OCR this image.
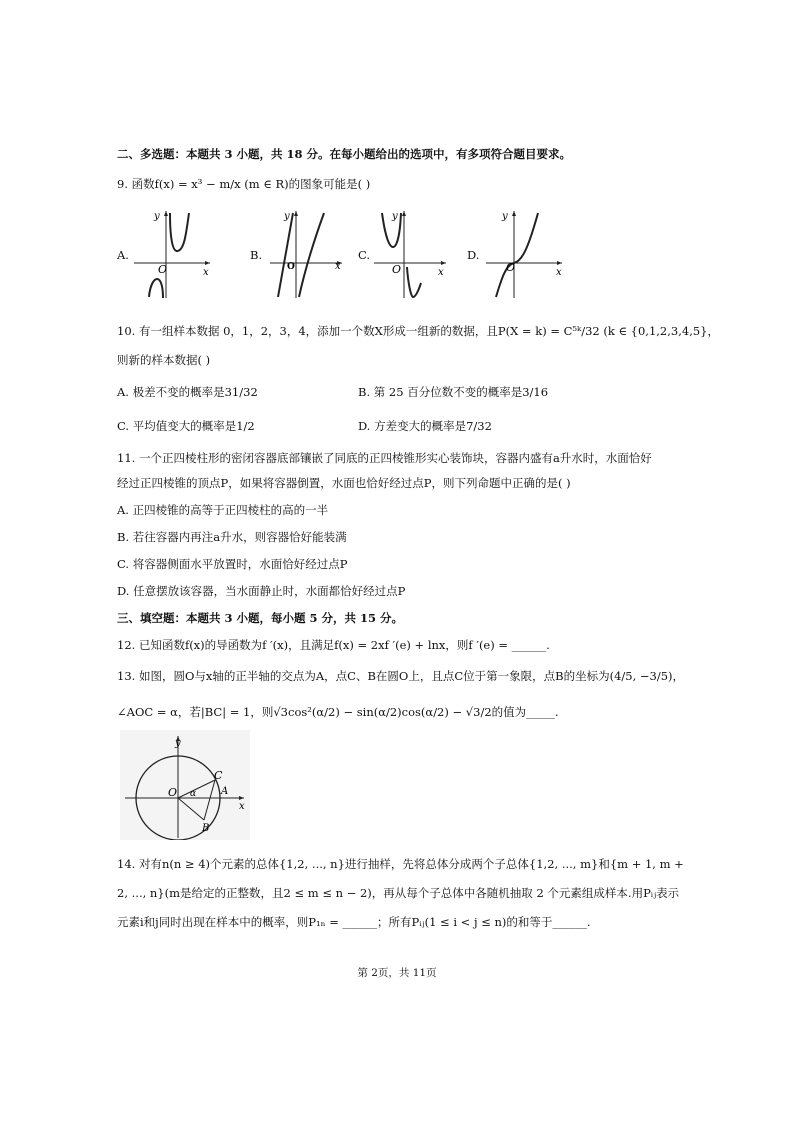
二、多选题：本题共 3 小题，共 18 分。在每小题给出的选项中，有多项符合题目要求。
9. 函数f(x) = x³ − m/x (m ∈ R)的图象可能是( )
A.	B.	C.	D.
O	x
y
O	x
y
O	x
y
O	x
y
10. 有一组样本数据 0，1，2，3，4，添加一个数X形成一组新的数据，且P(X = k) = C⁵ᵏ/32 (k ∈ {0,1,2,3,4,5}，
则新的样本数据( )
A. 极差不变的概率是31/32	B. 第 25 百分位数不变的概率是3/16
C. 平均值变大的概率是1/2	D. 方差变大的概率是7/32
11. 一个正四棱柱形的密闭容器底部镶嵌了同底的正四棱锥形实心装饰块，容器内盛有a升水时，水面恰好
经过正四棱锥的顶点P，如果将容器倒置，水面也恰好经过点P，则下列命题中正确的是( )
A. 正四棱锥的高等于正四棱柱的高的一半
B. 若往容器内再注a升水，则容器恰好能装满
C. 将容器侧面水平放置时，水面恰好经过点P
D. 任意摆放该容器，当水面静止时，水面都恰好经过点P
三、填空题：本题共 3 小题，每小题 5 分，共 15 分。
12. 已知函数f(x)的导函数为f ′(x)，且满足f(x) = 2xf ′(e) + lnx，则f ′(e) = ______.
13. 如图，圆O与x轴的正半轴的交点为A，点C、B在圆O上，且点C位于第一象限，点B的坐标为(4/5, −3/5)，
∠AOC = α，若|BC| = 1，则√3cos²(α/2) − sin(α/2)cos(α/2) − √3/2的值为_____.
y
x
O
C
A
B
α
14. 对有n(n ≥ 4)个元素的总体{1,2, ..., n}进行抽样，先将总体分成两个子总体{1,2, ..., m}和{m + 1, m +
2, ..., n}(m是给定的正整数，且2 ≤ m ≤ n − 2)，再从每个子总体中各随机抽取 2 个元素组成样本.用Pᵢⱼ表示
元素i和j同时出现在样本中的概率，则P₁ₙ = ______；所有Pᵢⱼ(1 ≤ i < j ≤ n)的和等于______.
第 2页，共 11页
